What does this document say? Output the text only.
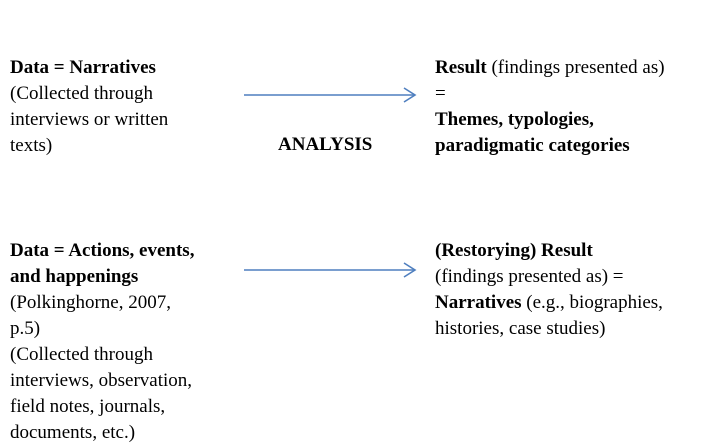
Data = Narratives
(Collected through
interviews or written
texts)	ANALYSIS
Result (findings presented as)
=
Themes, typologies,
paradigmatic categories
Data = Actions, events,
and happenings
(Polkinghorne, 2007,
p.5)
(Collected through
interviews, observation,
field notes, journals,
documents, etc.)
(Restorying) Result
(findings presented as) =
Narratives (e.g., biographies,
histories, case studies)
